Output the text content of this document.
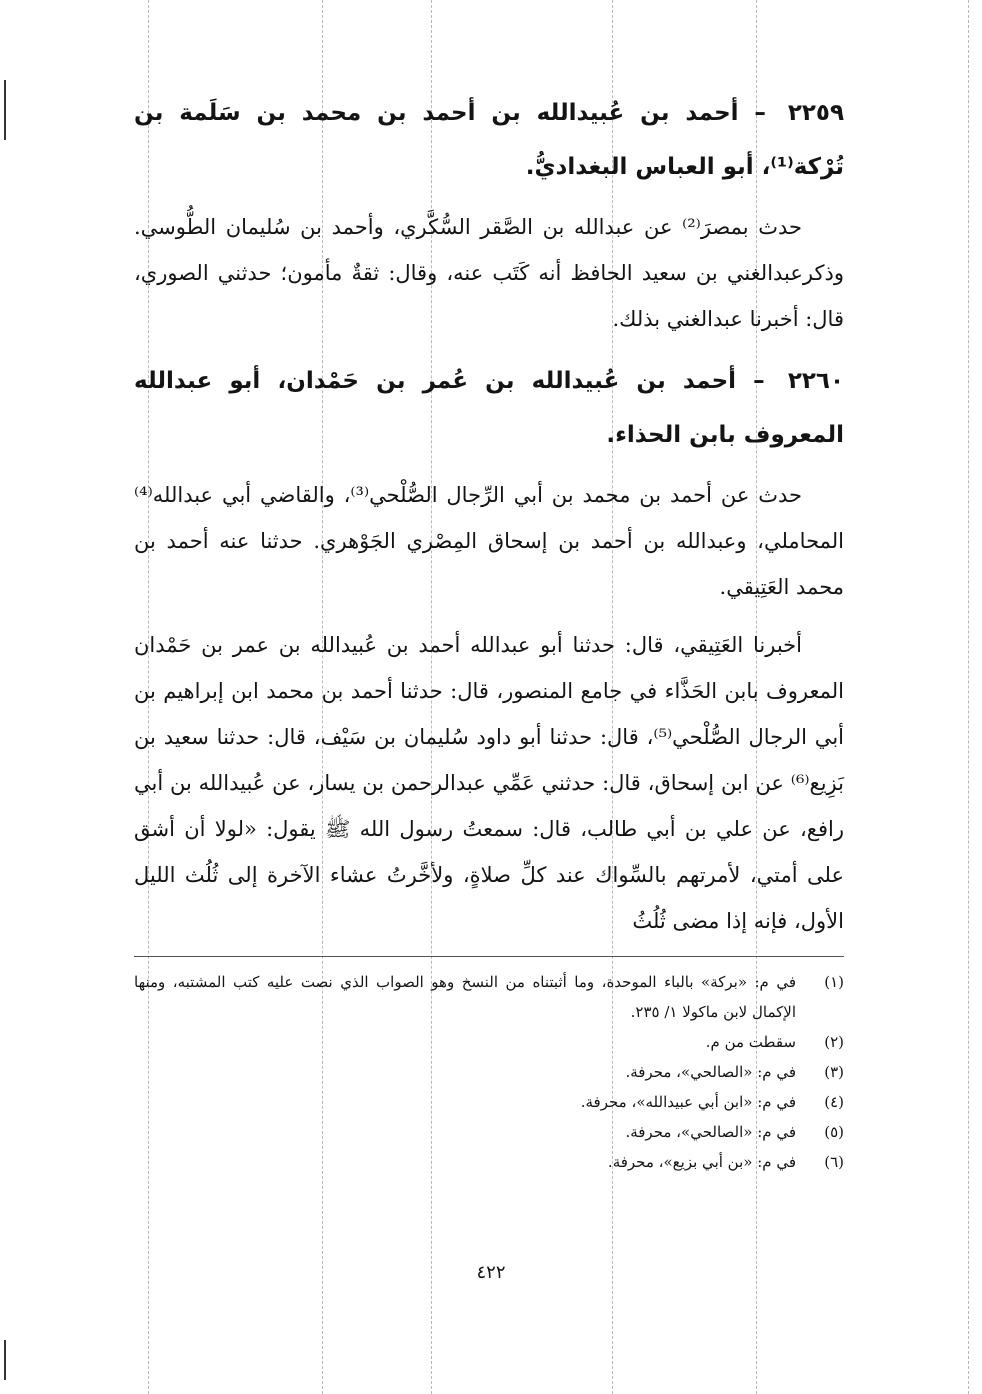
٢٢٥٩ – أحمد بن عُبيدالله بن أحمد بن محمد بن سَلَمة بن تُرْكة⁽¹⁾، أبو العباس البغداديُّ.

حدث بمصرَ⁽²⁾ عن عبدالله بن الصَّقر السُّكَّري، وأحمد بن سُليمان الطُّوسي. وذكرعبدالغني بن سعيد الحافظ أنه كَتَب عنه، وقال: ثقةٌ مأمون؛ حدثني الصوري، قال: أخبرنا عبدالغني بذلك.

٢٢٦٠ – أحمد بن عُبيدالله بن عُمر بن حَمْدان، أبو عبدالله المعروف بابن الحذاء.

حدث عن أحمد بن محمد بن أبي الرِّجال الصُّلْحي⁽³⁾، والقاضي أبي عبدالله⁽⁴⁾ المحاملي، وعبدالله بن أحمد بن إسحاق المِصْري الجَوْهري. حدثنا عنه أحمد بن محمد العَتِيقي.

أخبرنا العَتِيقي، قال: حدثنا أبو عبدالله أحمد بن عُبيدالله بن عمر بن حَمْدان المعروف بابن الحَذَّاء في جامع المنصور، قال: حدثنا أحمد بن محمد ابن إبراهيم بن أبي الرجال الصُّلْحي⁽⁵⁾، قال: حدثنا أبو داود سُليمان بن سَيْف، قال: حدثنا سعيد بن بَزِيع⁽⁶⁾ عن ابن إسحاق، قال: حدثني عَمِّي عبدالرحمن بن يسار، عن عُبيدالله بن أبي رافع، عن علي بن أبي طالب، قال: سمعتُ رسول الله ﷺ يقول: «لولا أن أشق على أمتي، لأمرتهم بالسِّواك عند كلِّ صلاةٍ، ولأخَّرتُ عشاء الآخرة إلى ثُلُث الليل الأول، فإنه إذا مضى ثُلُثُ

(١)في م: «بركة» بالباء الموحدة، وما أثبتناه من النسخ وهو الصواب الذي نصت عليه كتب المشتبه، ومنها الإكمال لابن ماكولا ١/ ٢٣٥.

(٢)سقطت من م.

(٣)في م: «الصالحي»، محرفة.

(٤)في م: «ابن أبي عبيدالله»، محرفة.

(٥)في م: «الصالحي»، محرفة.

(٦)في م: «بن أبي بزيع»، محرفة.

٤٢٢
